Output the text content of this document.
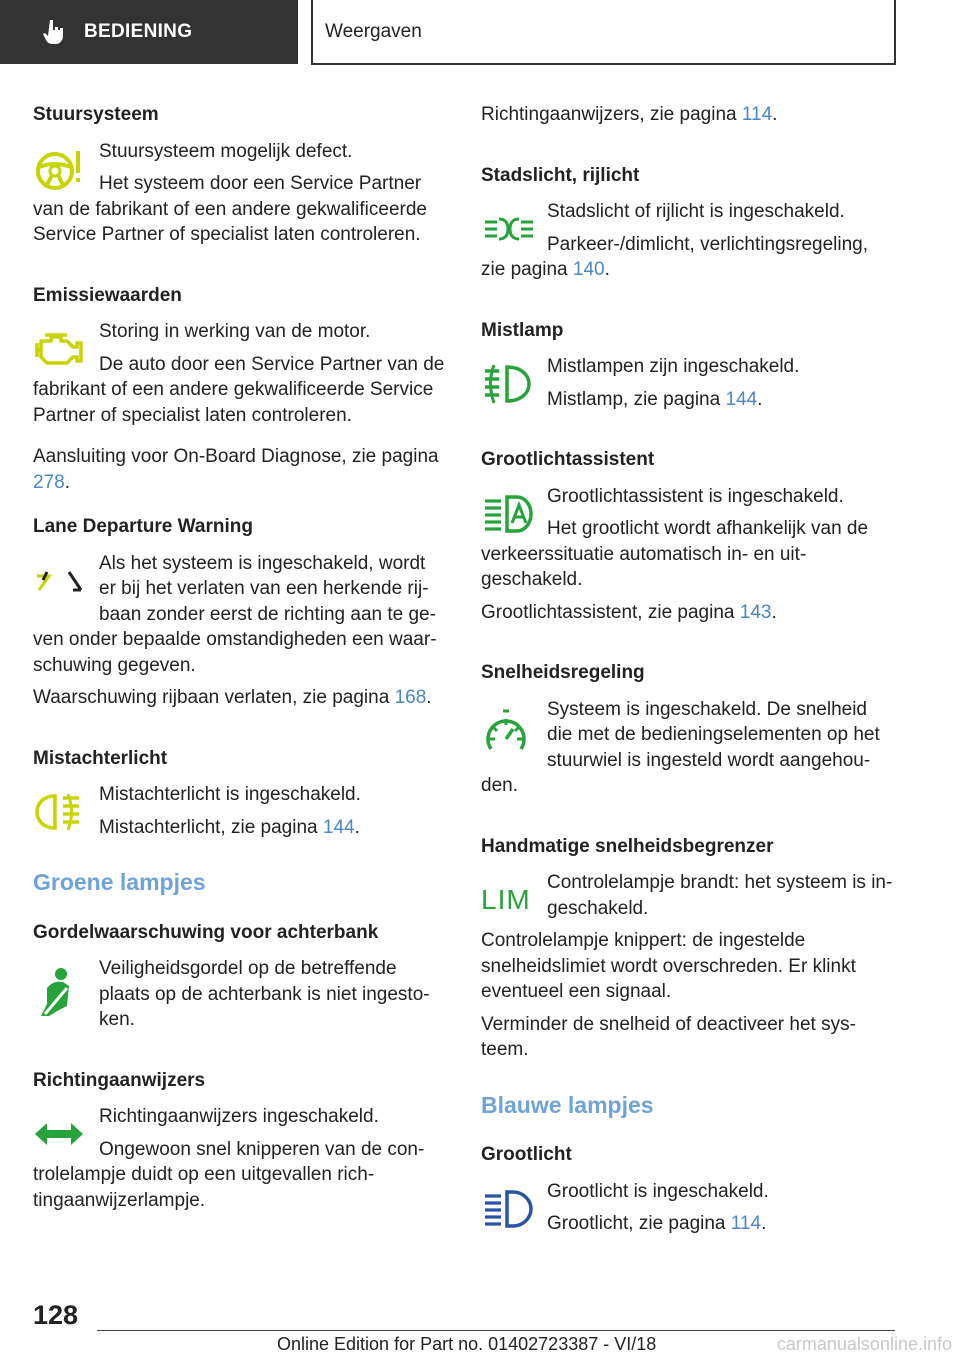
BEDIENING	Weergaven
Stuursysteem

Stuursysteem mogelijk defect.

Het systeem door een Service Partner van de fabrikant of een andere gekwalificeerde Service Partner of specialist laten controleren.

Emissiewaarden

Storing in werking van de motor.

De auto door een Service Partner van de fabrikant of een andere gekwalificeerde Service Partner of specialist laten controleren.

Aansluiting voor On-Board Diagnose, zie pagina 278.

Lane Departure Warning

Als het systeem is ingeschakeld, wordt er bij het verlaten van een herkende rijbaan zonder eerst de richting aan te geven onder bepaalde omstandigheden een waarschuwing gegeven.

Waarschuwing rijbaan verlaten, zie pagina 168.

Mistachterlicht

Mistachterlicht is ingeschakeld.

Mistachterlicht, zie pagina 144.

Groene lampjes
Gordelwaarschuwing voor achterbank

Veiligheidsgordel op de betreffende plaats op de achterbank is niet ingestoken.

Richtingaanwijzers

Richtingaanwijzers ingeschakeld.

Ongewoon snel knipperen van de controlelampje duidt op een uitgevallen richtingaanwijzerlampje.

Richtingaanwijzers, zie pagina 114.

Stadslicht, rijlicht

Stadslicht of rijlicht is ingeschakeld.

Parkeer-/dimlicht, verlichtingsregeling, zie pagina 140.

Mistlamp

Mistlampen zijn ingeschakeld.

Mistlamp, zie pagina 144.

Grootlichtassistent

Grootlichtassistent is ingeschakeld.

Het grootlicht wordt afhankelijk van de verkeerssituatie automatisch in- en uitgeschakeld.

Grootlichtassistent, zie pagina 143.

Snelheidsregeling

Systeem is ingeschakeld. De snelheid die met de bedieningselementen op het stuurwiel is ingesteld wordt aangehouden.

Handmatige snelheidsbegrenzer
LIM

Controlelampje brandt: het systeem is ingeschakeld.

Controlelampje knippert: de ingestelde snelheidslimiet wordt overschreden. Er klinkt eventueel een signaal.

Verminder de snelheid of deactiveer het systeem.

Blauwe lampjes
Grootlicht

Grootlicht is ingeschakeld.

Grootlicht, zie pagina 114.

128
Online Edition for Part no. 01402723387 - VI/18	carmanualsonline.info
